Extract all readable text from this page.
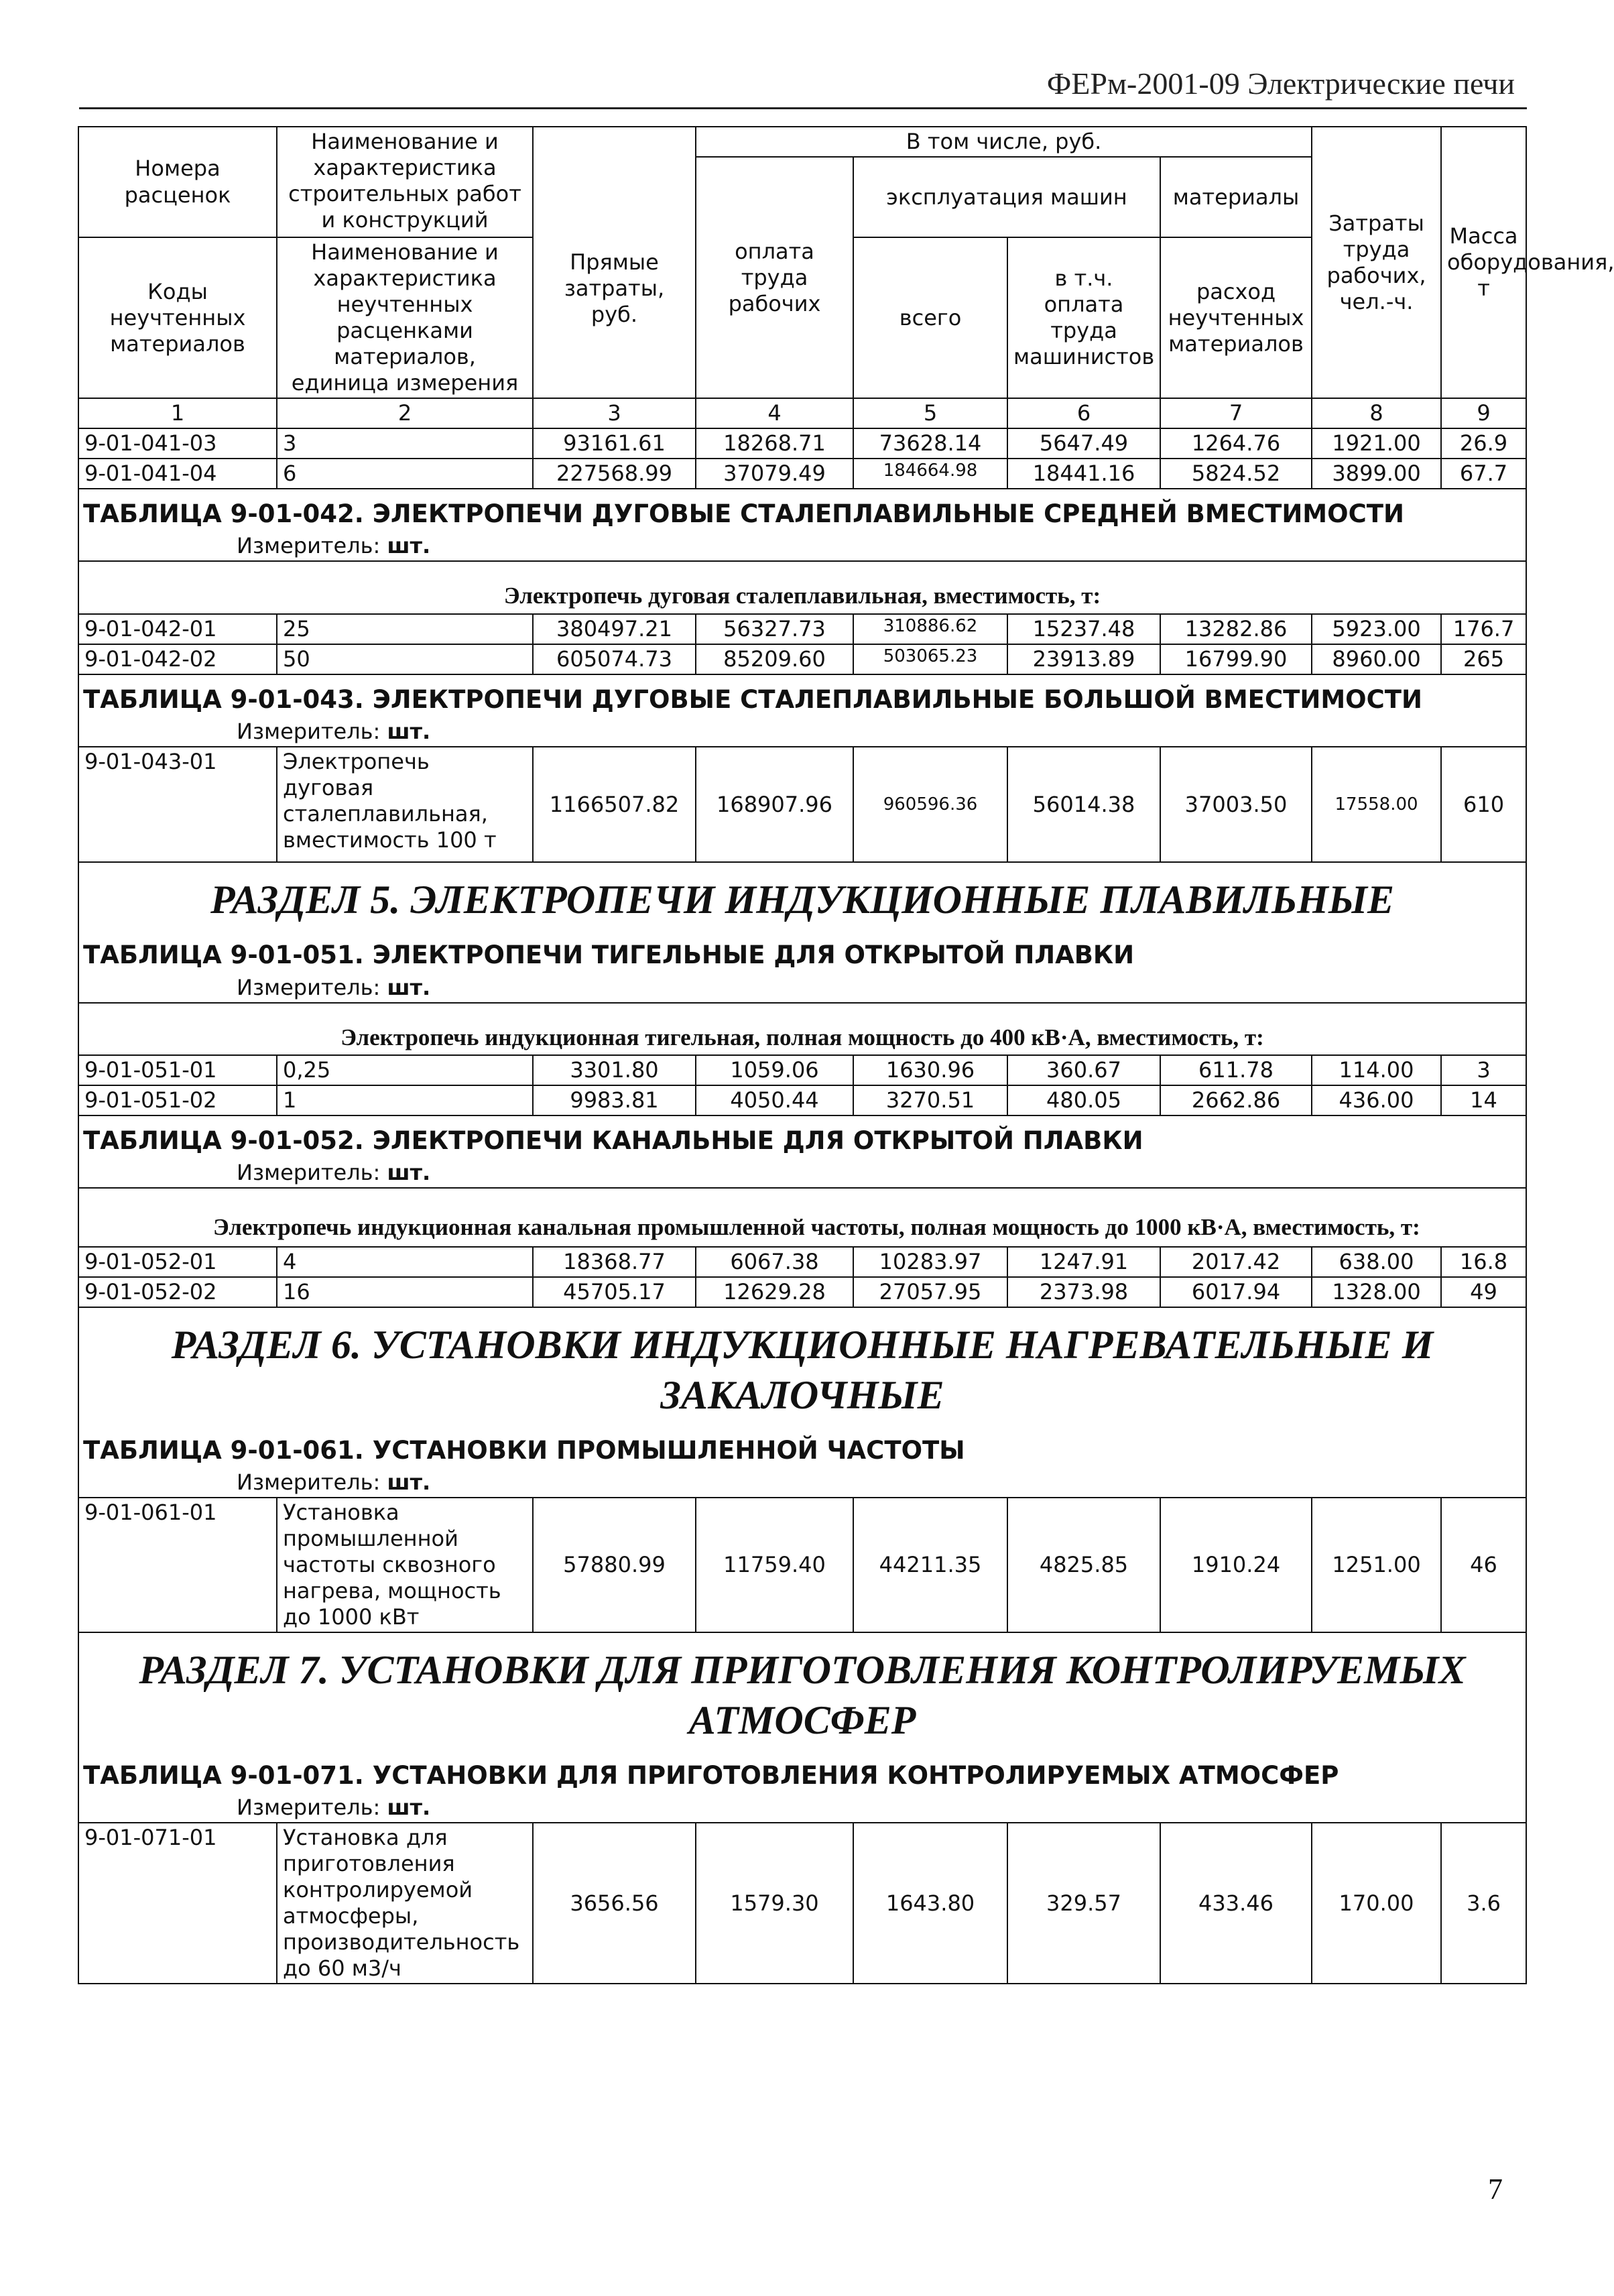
ФЕРм-2001-09 Электрические печи
Номера расценок	Наименование и характеристика строительных работ и конструкций	Прямые затраты, руб.	В том числе, руб.				Затраты труда рабочих, чел.-ч.	Масса оборудования, т
			оплата труда рабочих	эксплуатация машин		материалы		
Коды неучтенных материалов	Наименование и характеристика неучтенных расценками материалов, единица измерения			всего	в т.ч. оплата труда машинистов	расход неучтенных материалов		
1	2	3	4	5	6	7	8	9
9-01-041-03	3	93161.61	18268.71	73628.14	5647.49	1264.76	1921.00	26.9
9-01-041-04	6	227568.99	37079.49	184664.98	18441.16	5824.52	3899.00	67.7
ТАБЛИЦА 9-01-042. ЭЛЕКТРОПЕЧИ ДУГОВЫЕ СТАЛЕПЛАВИЛЬНЫЕ СРЕДНЕЙ ВМЕСТИМОСТИ								
Измеритель: шт.								
Электропечь дуговая сталеплавильная, вместимость, т:								
9-01-042-01	25	380497.21	56327.73	310886.62	15237.48	13282.86	5923.00	176.7
9-01-042-02	50	605074.73	85209.60	503065.23	23913.89	16799.90	8960.00	265
ТАБЛИЦА 9-01-043. ЭЛЕКТРОПЕЧИ ДУГОВЫЕ СТАЛЕПЛАВИЛЬНЫЕ БОЛЬШОЙ ВМЕСТИМОСТИ								
Измеритель: шт.								
9-01-043-01	Электропечь дуговая сталеплавильная, вместимость 100 т	1166507.82	168907.96	960596.36	56014.38	37003.50	17558.00	610
РАЗДЕЛ 5. ЭЛЕКТРОПЕЧИ ИНДУКЦИОННЫЕ ПЛАВИЛЬНЫЕ								
ТАБЛИЦА 9-01-051. ЭЛЕКТРОПЕЧИ ТИГЕЛЬНЫЕ ДЛЯ ОТКРЫТОЙ ПЛАВКИ								
Измеритель: шт.								
Электропечь индукционная тигельная, полная мощность до 400 кВ·А, вместимость, т:								
9-01-051-01	0,25	3301.80	1059.06	1630.96	360.67	611.78	114.00	3
9-01-051-02	1	9983.81	4050.44	3270.51	480.05	2662.86	436.00	14
ТАБЛИЦА 9-01-052. ЭЛЕКТРОПЕЧИ КАНАЛЬНЫЕ ДЛЯ ОТКРЫТОЙ ПЛАВКИ								
Измеритель: шт.								
Электропечь индукционная канальная промышленной частоты, полная мощность до 1000 кВ·А, вместимость, т:								
9-01-052-01	4	18368.77	6067.38	10283.97	1247.91	2017.42	638.00	16.8
9-01-052-02	16	45705.17	12629.28	27057.95	2373.98	6017.94	1328.00	49
РАЗДЕЛ 6. УСТАНОВКИ ИНДУКЦИОННЫЕ НАГРЕВАТЕЛЬНЫЕ И ЗАКАЛОЧНЫЕ								
ТАБЛИЦА 9-01-061. УСТАНОВКИ ПРОМЫШЛЕННОЙ ЧАСТОТЫ								
Измеритель: шт.								
9-01-061-01	Установка промышленной частоты сквозного нагрева, мощность до 1000 кВт	57880.99	11759.40	44211.35	4825.85	1910.24	1251.00	46
РАЗДЕЛ 7. УСТАНОВКИ ДЛЯ ПРИГОТОВЛЕНИЯ КОНТРОЛИРУЕМЫХ АТМОСФЕР								
ТАБЛИЦА 9-01-071. УСТАНОВКИ ДЛЯ ПРИГОТОВЛЕНИЯ КОНТРОЛИРУЕМЫХ АТМОСФЕР								
Измеритель: шт.								
9-01-071-01	Установка для приготовления контролируемой атмосферы, производительность до 60 м3/ч	3656.56	1579.30	1643.80	329.57	433.46	170.00	3.6
7
